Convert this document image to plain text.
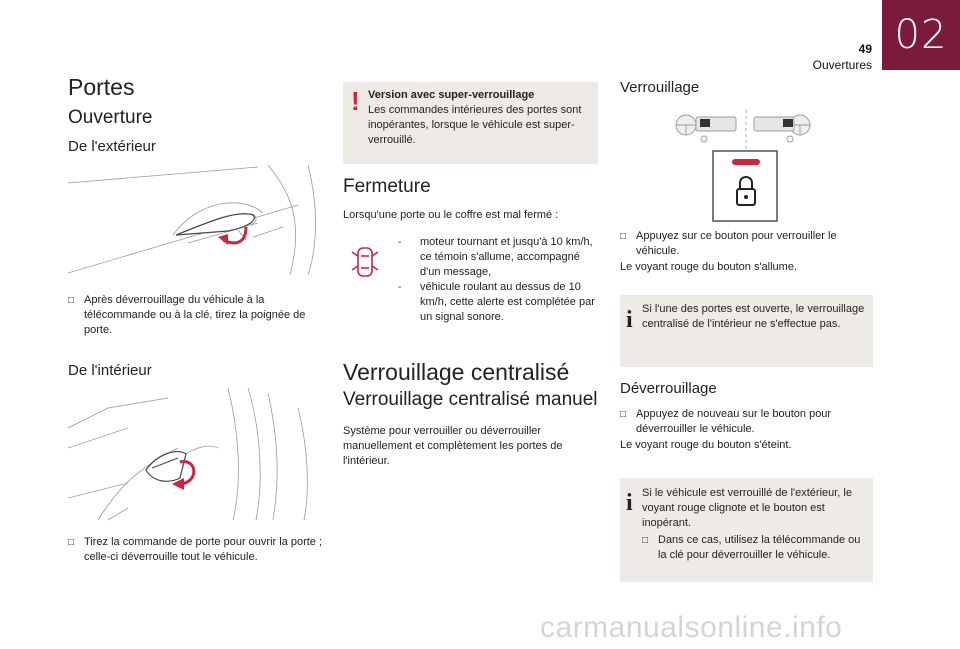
02
49
Ouvertures
Portes
Ouverture
De l'extérieur
□ Après déverrouillage du véhicule à la télécommande ou à la clé, tirez la poignée de porte.
De l'intérieur
□ Tirez la commande de porte pour ouvrir la porte ; celle-ci déverrouille tout le véhicule.
! Version avec super-verrouillage
Les commandes intérieures des portes sont inopérantes, lorsque le véhicule est super-verrouillé.
Fermeture
Lorsqu'une porte ou le coffre est mal fermé :
-	moteur tournant et jusqu'à 10 km/h, ce témoin s'allume, accompagné d'un message,
-	véhicule roulant au dessus de 10 km/h, cette alerte est complétée par un signal sonore.
Verrouillage centralisé
Verrouillage centralisé manuel
Système pour verrouiller ou déverrouiller manuellement et complètement les portes de l'intérieur.
Verrouillage
□ Appuyez sur ce bouton pour verrouiller le véhicule.
Le voyant rouge du bouton s'allume.
i Si l'une des portes est ouverte, le verrouillage centralisé de l'intérieur ne s'effectue pas.
Déverrouillage
□ Appuyez de nouveau sur le bouton pour déverrouiller le véhicule.
Le voyant rouge du bouton s'éteint.
i Si le véhicule est verrouillé de l'extérieur, le voyant rouge clignote et le bouton est inopérant.
□ Dans ce cas, utilisez la télécommande ou la clé pour déverrouiller le véhicule.
carmanualsonline.info
